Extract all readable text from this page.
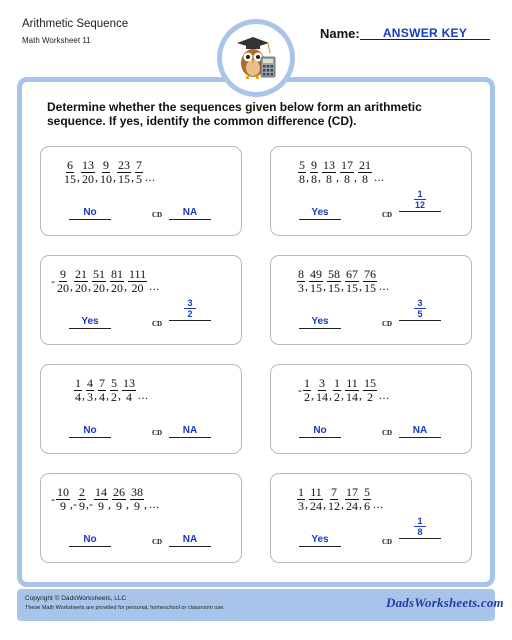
Arithmetic Sequence
Math Worksheet 11	Name:	ANSWER KEY
Determine whether the sequences given below form an arithmetic sequence. If yes, identify the common difference (CD).
$\frac{6}{15}$ , $\frac{13}{20}$ , $\frac{9}{10}$ , $\frac{23}{15}$ , $\frac{7}{5}$ ...
No	CD	NA
$\frac{5}{8}$ , $\frac{9}{8}$ , $\frac{13}{8}$ , $\frac{17}{8}$ , $\frac{21}{8}$ ...
Yes	CD
$\frac{1}{12}$
- $\frac{9}{20}$ , $\frac{21}{20}$ , $\frac{51}{20}$ , $\frac{81}{20}$ , $\frac{111}{20}$ ...
Yes	CD
$\frac{3}{2}$
$\frac{8}{3}$ , $\frac{49}{15}$ , $\frac{58}{15}$ , $\frac{67}{15}$ , $\frac{76}{15}$ ...
Yes	CD
$\frac{3}{5}$
$\frac{1}{4}$ , $\frac{4}{3}$ , $\frac{7}{4}$ , $\frac{5}{2}$ , $\frac{13}{4}$ ...
No	CD	NA
- $\frac{1}{2}$ , $\frac{3}{14}$ , $\frac{1}{2}$ , $\frac{11}{14}$ , $\frac{15}{2}$ ...
No	CD	NA
- $\frac{10}{9}$ ,- $\frac{2}{9}$ ,- $\frac{14}{9}$ , $\frac{26}{9}$ , $\frac{38}{9}$ , ...
No	CD	NA
$\frac{1}{3}$ , $\frac{11}{24}$ , $\frac{7}{12}$ , $\frac{17}{24}$ , $\frac{5}{6}$ ...
Yes	CD
$\frac{1}{8}$
Copyright © DadsWorksheets, LLC
These Math Worksheets are provided for personal, homeschool or classroom use.	DadsWorksheets.com
